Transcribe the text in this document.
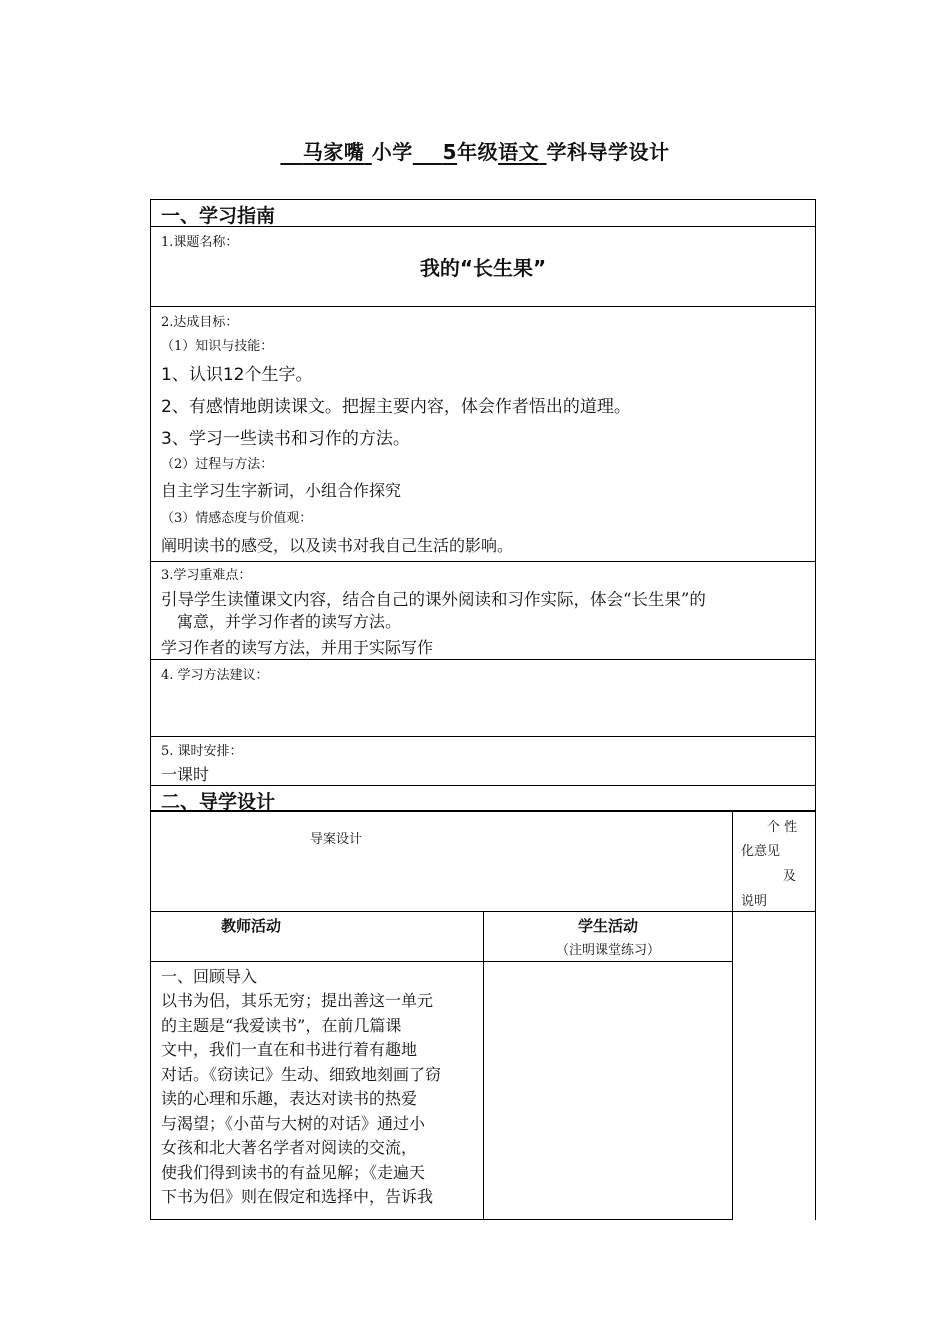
马家嘴 小学 5年级语文 学科导学设计
一、学习指南
1.课题名称：
我的“长生果”
2.达成目标：
（1）知识与技能：
1、认识12个生字。
2、有感情地朗读课文。把握主要内容，体会作者悟出的道理。
3、学习一些读书和习作的方法。
（2）过程与方法：
自主学习生字新词，小组合作探究
（3）情感态度与价值观：
阐明读书的感受，以及读书对我自己生活的影响。
3.学习重难点：
引导学生读懂课文内容，结合自己的课外阅读和习作实际，体会“长生果”的
寓意，并学习作者的读写方法。
学习作者的读写方法，并用于实际写作
4. 学习方法建议：
5. 课时安排：
一课时
二、导学设计
导案设计
个 性
化意见
及
说明
教师活动	学生活动
（注明课堂练习）
一、回顾导入
以书为侣，其乐无穷；提出善这一单元
的主题是“我爱读书”，在前几篇课
文中，我们一直在和书进行着有趣地
对话。《窃读记》生动、细致地刻画了窃
读的心理和乐趣，表达对读书的热爱
与渴望；《小苗与大树的对话》通过小
女孩和北大著名学者对阅读的交流，
使我们得到读书的有益见解；《走遍天
下书为侣》则在假定和选择中，告诉我
